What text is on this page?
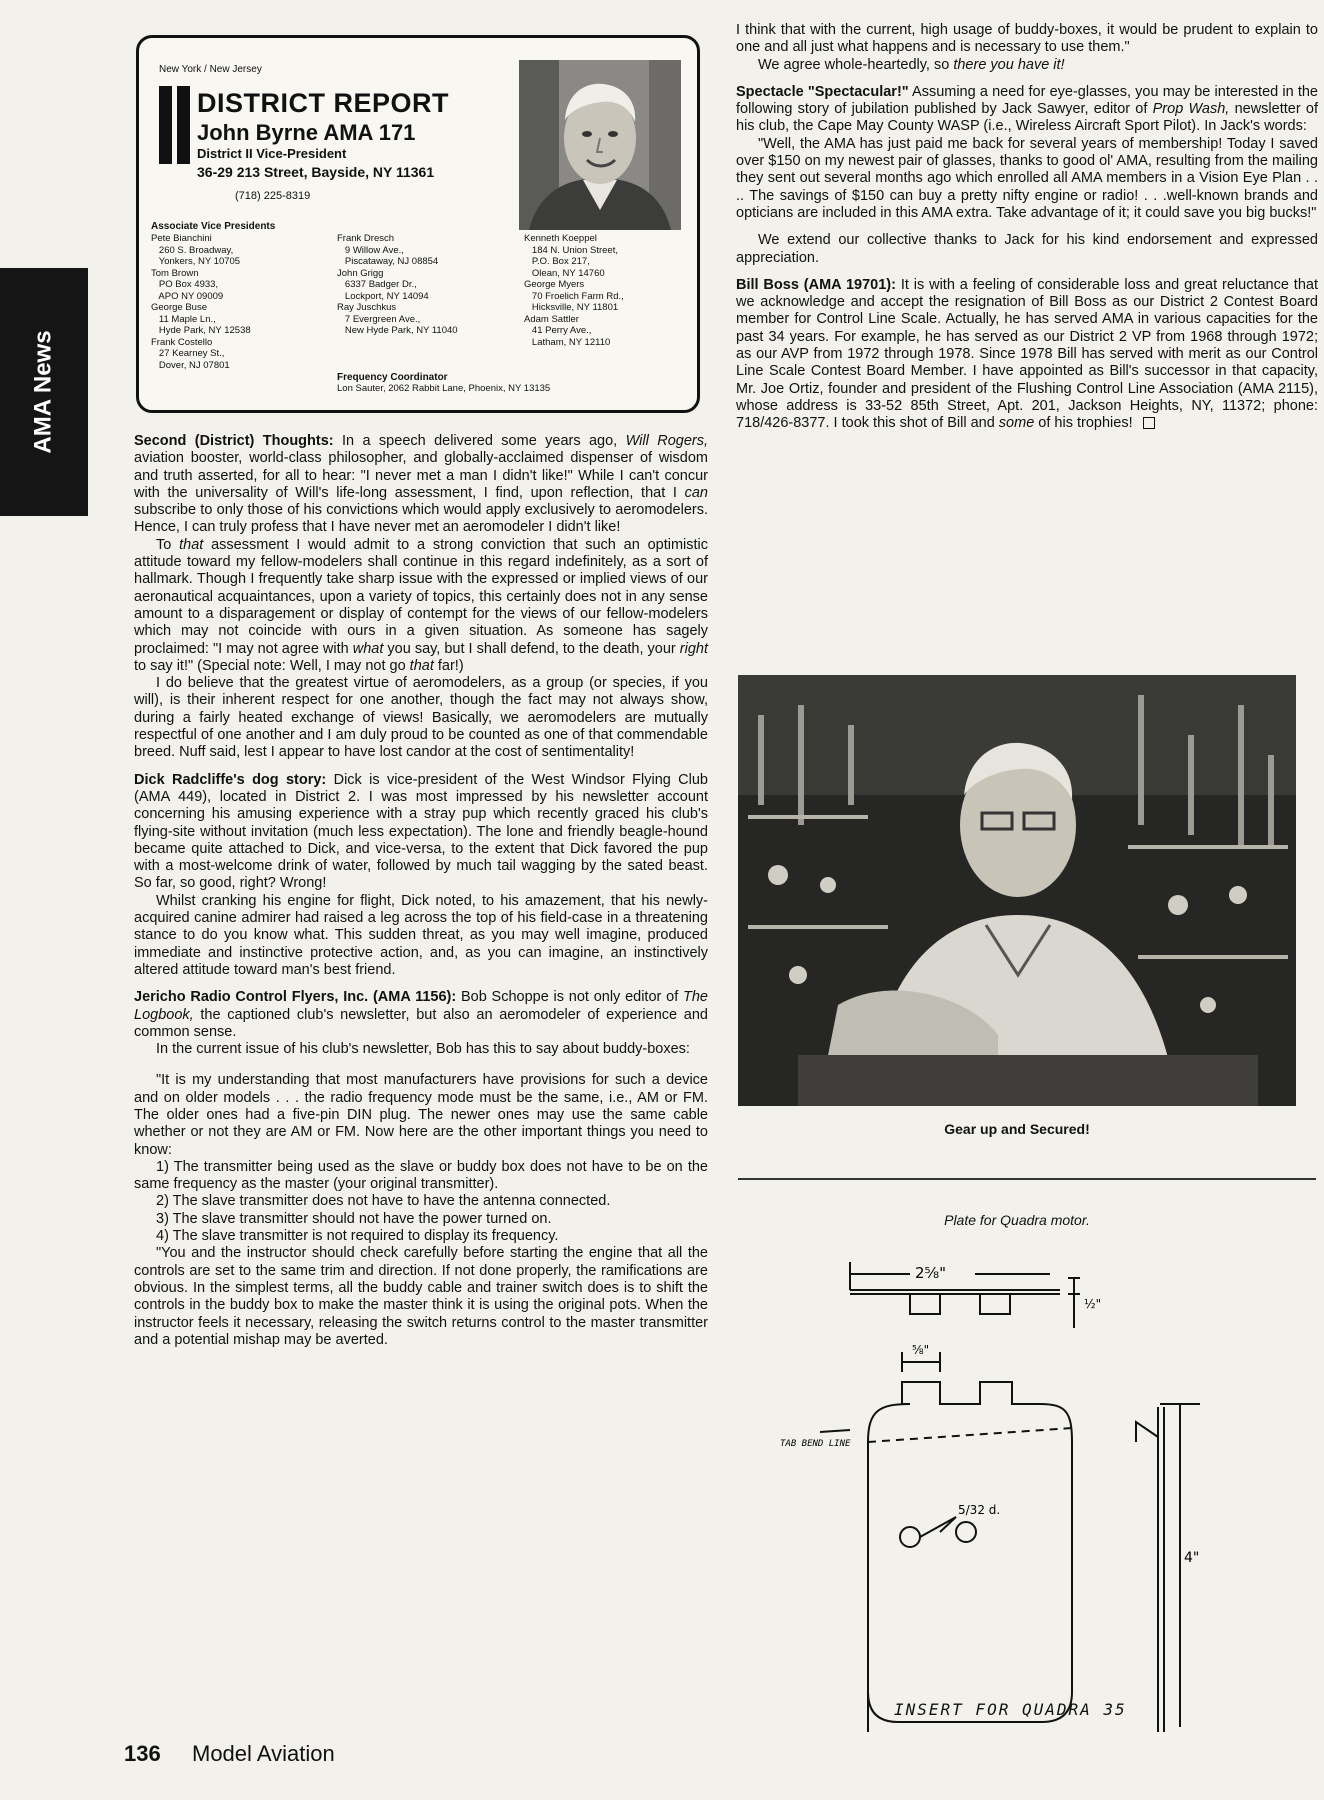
AMA News
New York / New Jersey
DISTRICT REPORT
John Byrne AMA 171
District II Vice-President
36-29 213 Street, Bayside, NY 11361
(718) 225-8319
Associate Vice Presidents
Pete Bianchini
260 S. Broadway,
Yonkers, NY 10705
Tom Brown
PO Box 4933,
APO NY 09009
George Buse
11 Maple Ln.,
Hyde Park, NY 12538
Frank Costello
27 Kearney St.,
Dover, NJ 07801
Frank Dresch
9 Willow Ave.,
Piscataway, NJ 08854
John Grigg
6337 Badger Dr.,
Lockport, NY 14094
Ray Juschkus
7 Evergreen Ave.,
New Hyde Park, NY 11040
Kenneth Koeppel
184 N. Union Street,
P.O. Box 217,
Olean, NY 14760
George Myers
70 Froelich Farm Rd.,
Hicksville, NY 11801
Adam Sattler
41 Perry Ave.,
Latham, NY 12110
Frequency Coordinator
Lon Sauter, 2062 Rabbit Lane, Phoenix, NY 13135

Second (District) Thoughts: In a speech delivered some years ago, Will Rogers, aviation booster, world-class philosopher, and globally-acclaimed dispenser of wisdom and truth asserted, for all to hear: "I never met a man I didn't like!" While I can't concur with the universality of Will's life-long assessment, I find, upon reflection, that I can subscribe to only those of his convictions which would apply exclusively to aeromodelers. Hence, I can truly profess that I have never met an aeromodeler I didn't like!

To that assessment I would admit to a strong conviction that such an optimistic attitude toward my fellow-modelers shall continue in this regard indefinitely, as a sort of hallmark. Though I frequently take sharp issue with the expressed or implied views of our aeronautical acquaintances, upon a variety of topics, this certainly does not in any sense amount to a disparagement or display of contempt for the views of our fellow-modelers which may not coincide with ours in a given situation. As someone has sagely proclaimed: "I may not agree with what you say, but I shall defend, to the death, your right to say it!" (Special note: Well, I may not go that far!)

I do believe that the greatest virtue of aeromodelers, as a group (or species, if you will), is their inherent respect for one another, though the fact may not always show, during a fairly heated exchange of views! Basically, we aeromodelers are mutually respectful of one another and I am duly proud to be counted as one of that commendable breed. Nuff said, lest I appear to have lost candor at the cost of sentimentality!

Dick Radcliffe's dog story: Dick is vice-president of the West Windsor Flying Club (AMA 449), located in District 2. I was most impressed by his newsletter account concerning his amusing experience with a stray pup which recently graced his club's flying-site without invitation (much less expectation). The lone and friendly beagle-hound became quite attached to Dick, and vice-versa, to the extent that Dick favored the pup with a most-welcome drink of water, followed by much tail wagging by the sated beast. So far, so good, right? Wrong!

Whilst cranking his engine for flight, Dick noted, to his amazement, that his newly-acquired canine admirer had raised a leg across the top of his field-case in a threatening stance to do you know what. This sudden threat, as you may well imagine, produced immediate and instinctive protective action, and, as you can imagine, an instinctively altered attitude toward man's best friend.

Jericho Radio Control Flyers, Inc. (AMA 1156): Bob Schoppe is not only editor of The Logbook, the captioned club's newsletter, but also an aeromodeler of experience and common sense.

In the current issue of his club's newsletter, Bob has this to say about buddy-boxes:

"It is my understanding that most manufacturers have provisions for such a device and on older models . . . the radio frequency mode must be the same, i.e., AM or FM. The older ones had a five-pin DIN plug. The newer ones may use the same cable whether or not they are AM or FM. Now here are the other important things you need to know:

1) The transmitter being used as the slave or buddy box does not have to be on the same frequency as the master (your original transmitter).

2) The slave transmitter does not have to have the antenna connected.

3) The slave transmitter should not have the power turned on.

4) The slave transmitter is not required to display its frequency.

"You and the instructor should check carefully before starting the engine that all the controls are set to the same trim and direction. If not done properly, the ramifications are obvious. In the simplest terms, all the buddy cable and trainer switch does is to shift the controls in the buddy box to make the master think it is using the original pots. When the instructor feels it necessary, releasing the switch returns control to the master transmitter and a potential mishap may be averted.

I think that with the current, high usage of buddy-boxes, it would be prudent to explain to one and all just what happens and is necessary to use them."

We agree whole-heartedly, so there you have it!

Spectacle "Spectacular!" Assuming a need for eye-glasses, you may be interested in the following story of jubilation published by Jack Sawyer, editor of Prop Wash, newsletter of his club, the Cape May County WASP (i.e., Wireless Aircraft Sport Pilot). In Jack's words:

"Well, the AMA has just paid me back for several years of membership! Today I saved over $150 on my newest pair of glasses, thanks to good ol' AMA, resulting from the mailing they sent out several months ago which enrolled all AMA members in a Vision Eye Plan . . .. The savings of $150 can buy a pretty nifty engine or radio! . . .well-known brands and opticians are included in this AMA extra. Take advantage of it; it could save you big bucks!"

We extend our collective thanks to Jack for his kind endorsement and expressed appreciation.

Bill Boss (AMA 19701): It is with a feeling of considerable loss and great reluctance that we acknowledge and accept the resignation of Bill Boss as our District 2 Contest Board member for Control Line Scale. Actually, he has served AMA in various capacities for the past 34 years. For example, he has served as our District 2 VP from 1968 through 1972; as our AVP from 1972 through 1978. Since 1978 Bill has served with merit as our Control Line Scale Contest Board Member. I have appointed as Bill's successor in that capacity, Mr. Joe Ortiz, founder and president of the Flushing Control Line Association (AMA 2115), whose address is 33-52 85th Street, Apt. 201, Jackson Heights, NY, 11372; phone: 718/426-8377. I took this shot of Bill and some of his trophies!

Gear up and Secured!
Plate for Quadra motor.
2⅝"
½"
⅝"
5/32 d.
4"
TAB BEND LINE
INSERT FOR QUADRA 35
136 Model Aviation
